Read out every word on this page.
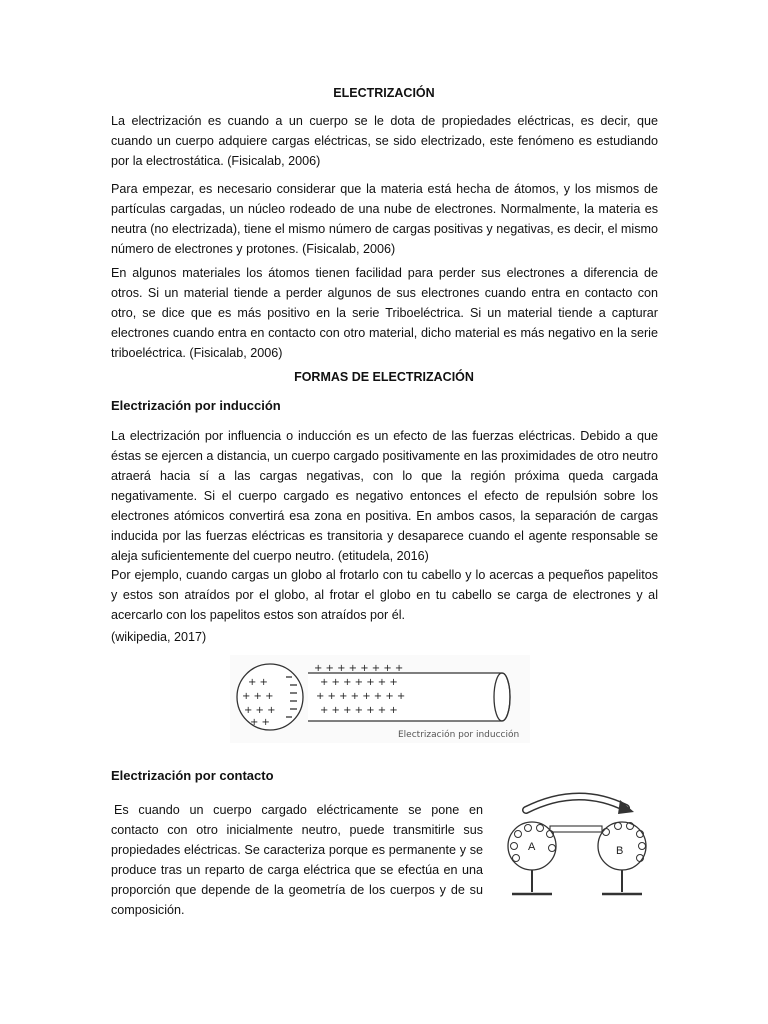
ELECTRIZACIÓN

La electrización es cuando a un cuerpo se le dota de propiedades eléctricas, es decir, que cuando un cuerpo adquiere cargas eléctricas, se sido electrizado, este fenómeno es estudiando por la electrostática. (Fisicalab, 2006)

Para empezar, es necesario considerar que la materia está hecha de átomos, y los mismos de partículas cargadas, un núcleo rodeado de una nube de electrones. Normalmente, la materia es neutra (no electrizada), tiene el mismo número de cargas positivas y negativas, es decir, el mismo número de electrones y protones. (Fisicalab, 2006)

En algunos materiales los átomos tienen facilidad para perder sus electrones a diferencia de otros. Si un material tiende a perder algunos de sus electrones cuando entra en contacto con otro, se dice que es más positivo en la serie Triboeléctrica. Si un material tiende a capturar electrones cuando entra en contacto con otro material, dicho material es más negativo en la serie triboeléctrica. (Fisicalab, 2006)

FORMAS DE ELECTRIZACIÓN
Electrización por inducción

La electrización por influencia o inducción es un efecto de las fuerzas eléctricas. Debido a que éstas se ejercen a distancia, un cuerpo cargado positivamente en las proximidades de otro neutro atraerá hacia sí a las cargas negativas, con lo que la región próxima queda cargada negativamente. Si el cuerpo cargado es negativo entonces el efecto de repulsión sobre los electrones atómicos convertirá esa zona en positiva. En ambos casos, la separación de cargas inducida por las fuerzas eléctricas es transitoria y desaparece cuando el agente responsable se aleja suficientemente del cuerpo neutro. (etitudela, 2016)

Por ejemplo, cuando cargas un globo al frotarlo con tu cabello y lo acercas a pequeños papelitos y estos son atraídos por el globo, al frotar el globo en tu cabello se carga de electrones y al acercarlo con los papelitos estos son atraídos por él.

(wikipedia, 2017)
+ +
+ + +
+ + +
+ +
+ + + + + + + +
+ + + + + + +
+ + + + + + + +
+ + + + + + +
Electrización por inducción
Electrización por contacto

Es cuando un cuerpo cargado eléctricamente se pone en contacto con otro inicialmente neutro, puede transmitirle sus propiedades eléctricas. Se caracteriza porque es permanente y se produce tras un reparto de carga eléctrica que se efectúa en una proporción que depende de la geometría de los cuerpos y de su composición.

A	B
